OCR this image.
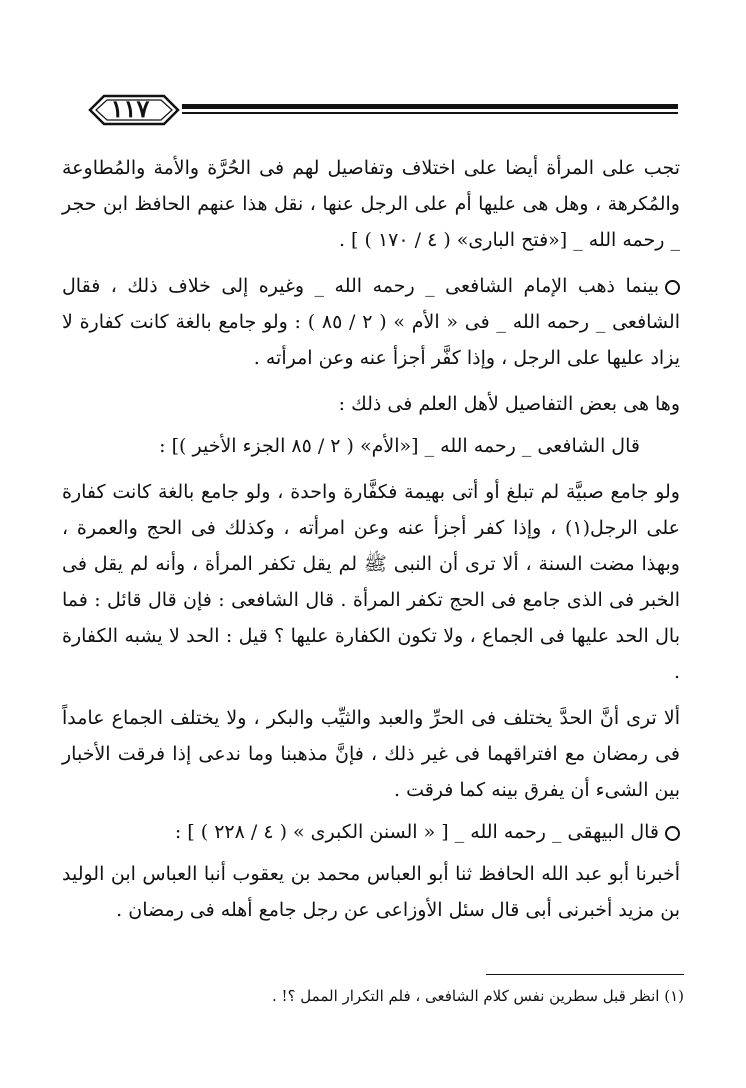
١١٧

تجب على المرأة أيضا على اختلاف وتفاصيل لهم فى الحُرَّة والأمة والمُطاوعة والمُكرهة ، وهل هى عليها أم على الرجل عنها ، نقل هذا عنهم الحافظ ابن حجر _ رحمه الله _ [«فتح البارى» ( ٤ / ١٧٠ ) ] .

بينما ذهب الإمام الشافعى _ رحمه الله _ وغيره إلى خلاف ذلك ، فقال الشافعى _ رحمه الله _ فى « الأم » ( ٢ / ٨٥ ) : ولو جامع بالغة كانت كفارة لا يزاد عليها على الرجل ، وإذا كفَّر أجزأ عنه وعن امرأته .

وها هى بعض التفاصيل لأهل العلم فى ذلك :

قال الشافعى _ رحمه الله _ [«الأم» ( ٢ / ٨٥ الجزء الأخير )] :

ولو جامع صبيَّة لم تبلغ أو أتى بهيمة فكفَّارة واحدة ، ولو جامع بالغة كانت كفارة على الرجل(١) ، وإذا كفر أجزأ عنه وعن امرأته ، وكذلك فى الحج والعمرة ، وبهذا مضت السنة ، ألا ترى أن النبى ﷺ لم يقل تكفر المرأة ، وأنه لم يقل فى الخبر فى الذى جامع فى الحج تكفر المرأة . قال الشافعى : فإن قال قائل : فما بال الحد عليها فى الجماع ، ولا تكون الكفارة عليها ؟ قيل : الحد لا يشبه الكفارة .

ألا ترى أنَّ الحدَّ يختلف فى الحرِّ والعبد والثيِّب والبكر ، ولا يختلف الجماع عامداً فى رمضان مع افتراقهما فى غير ذلك ، فإنَّ مذهبنا وما ندعى إذا فرقت الأخبار بين الشىء أن يفرق بينه كما فرقت .

قال البيهقى _ رحمه الله _ [ « السنن الكبرى » ( ٤ / ٢٢٨ ) ] :

أخبرنا أبو عبد الله الحافظ ثنا أبو العباس محمد بن يعقوب أنبا العباس ابن الوليد بن مزيد أخبرنى أبى قال سئل الأوزاعى عن رجل جامع أهله فى رمضان .

(١) انظر قبل سطرين نفس كلام الشافعى ، فلم التكرار الممل ؟! .
